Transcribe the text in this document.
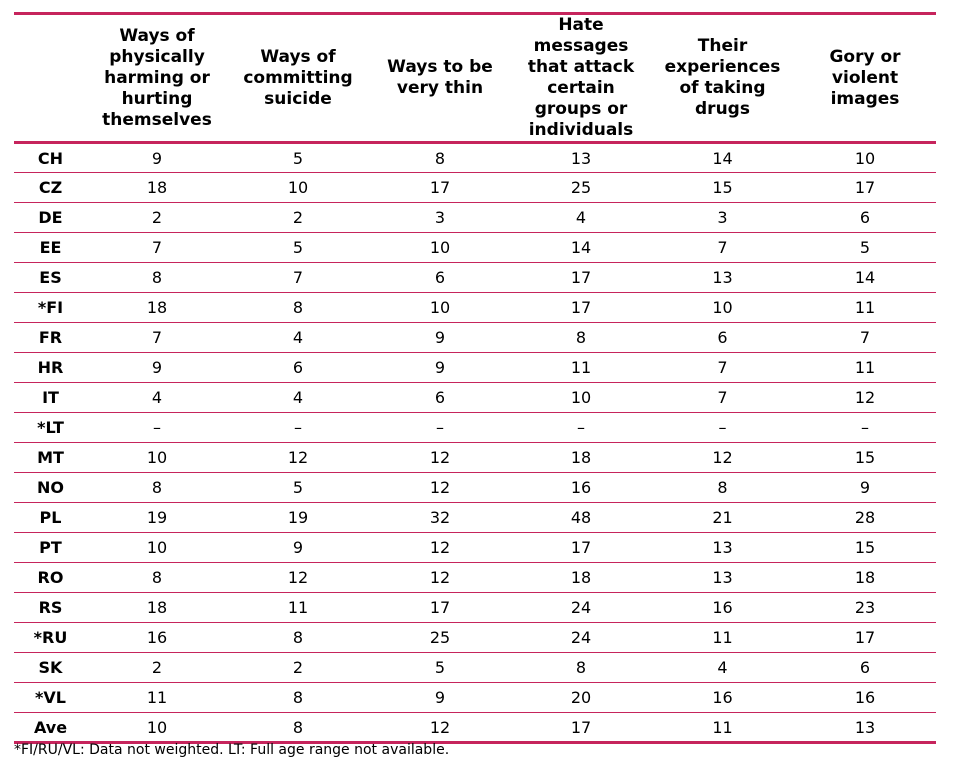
	Ways of physically harming or hurting themselves	Ways of committing suicide	Ways to be very thin	Hate messages that attack certain groups or individuals	Their experiences of taking drugs	Gory or violent images
CH	9	5	8	13	14	10
CZ	18	10	17	25	15	17
DE	2	2	3	4	3	6
EE	7	5	10	14	7	5
ES	8	7	6	17	13	14
*FI	18	8	10	17	10	11
FR	7	4	9	8	6	7
HR	9	6	9	11	7	11
IT	4	4	6	10	7	12
*LT	–	–	–	–	–	–
MT	10	12	12	18	12	15
NO	8	5	12	16	8	9
PL	19	19	32	48	21	28
PT	10	9	12	17	13	15
RO	8	12	12	18	13	18
RS	18	11	17	24	16	23
*RU	16	8	25	24	11	17
SK	2	2	5	8	4	6
*VL	11	8	9	20	16	16
Ave	10	8	12	17	11	13
*FI/RU/VL: Data not weighted. LT: Full age range not available.
